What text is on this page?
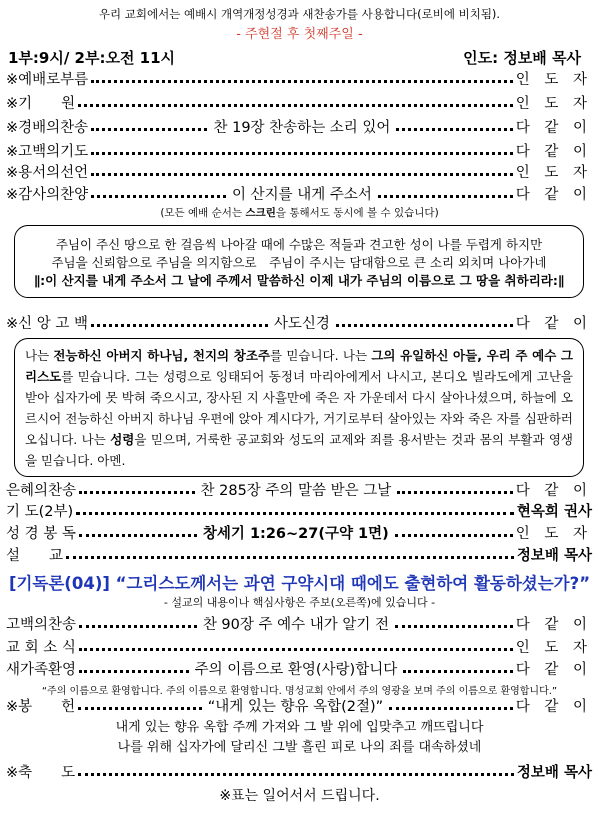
우리 교회에서는 예배시 개역개정성경과 새찬송가를 사용합니다(로비에 비치됨).
- 주현절 후 첫째주일 -
1부:9시/ 2부:오전 11시	인도: 정보배 목사
※예배로부름	인 도 자
※기　　원	인 도 자
※경배의찬송	찬 19장 찬송하는 소리 있어	다 같 이
※고백의기도	다 같 이
※용서의선언	인 도 자
※감사의찬양	이 산지를 내게 주소서	다 같 이
(모든 예배 순서는 스크린을 통해서도 동시에 볼 수 있습니다)

주님이 주신 땅으로 한 걸음씩 나아갈 때에 수많은 적들과 견고한 성이 나를 두렵게 하지만

주님을 신뢰함으로 주님을 의지함으로　주님이 주시는 담대함으로 큰 소리 외치며 나아가네

∥:이 산지를 내게 주소서 그 날에 주께서 말씀하신 이제 내가 주님의 이름으로 그 땅을 취하리라:∥

※신 앙 고 백	사도신경	다 같 이

나는 전능하신 아버지 하나님, 천지의 창조주를 믿습니다. 나는 그의 유일하신 아들, 우리 주 예수 그리스도를 믿습니다. 그는 성령으로 잉태되어 동정녀 마리아에게서 나시고, 본디오 빌라도에게 고난을 받아 십자가에 못 박혀 죽으시고, 장사된 지 사흘만에 죽은 자 가운데서 다시 살아나셨으며, 하늘에 오르시어 전능하신 아버지 하나님 우편에 앉아 계시다가, 거기로부터 살아있는 자와 죽은 자를 심판하러 오십니다. 나는 성령을 믿으며, 거룩한 공교회와 성도의 교제와 죄를 용서받는 것과 몸의 부활과 영생을 믿습니다. 아멘.

은혜의찬송	찬 285장 주의 말씀 받은 그날	다 같 이
기 도(2부)	현옥희 권사
성 경 봉 독	창세기 1:26~27(구약 1면)	인 도 자
설　　교	정보배 목사
[기독론(04)] “그리스도께서는 과연 구약시대 때에도 출현하여 활동하셨는가?”
- 설교의 내용이나 핵심사항은 주보(오른쪽)에 있습니다 -
고백의찬송	찬 90장 주 예수 내가 알기 전	다 같 이
교 회 소 식	인 도 자
새가족환영	주의 이름으로 환영(사랑)합니다	다 같 이
“주의 이름으로 환영합니다. 주의 이름으로 환영합니다. 명성교회 안에서 주의 영광을 보며 주의 이름으로 환영합니다.”
※봉　　헌	“내게 있는 향유 옥합(2절)”	다 같 이
내게 있는 향유 옥합 주께 가져와 그 발 위에 입맞추고 깨뜨립니다
나를 위해 십자가에 달리신 그발 흘린 피로 나의 죄를 대속하셨네
※축　　도	정보배 목사
※표는 일어서서 드립니다.
